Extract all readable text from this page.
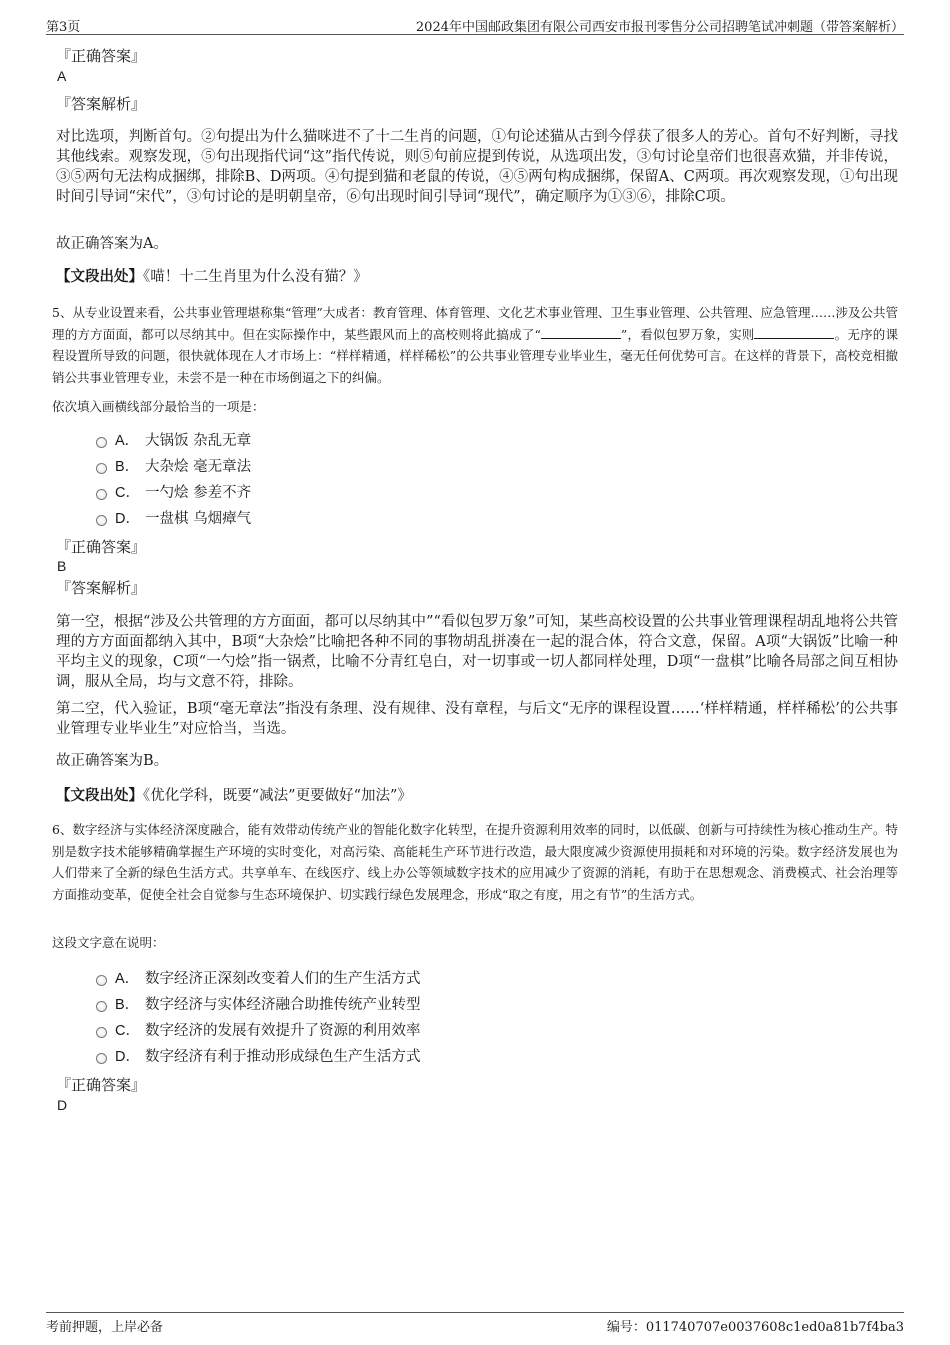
第3页	2024年中国邮政集团有限公司西安市报刊零售分公司招聘笔试冲刺题（带答案解析）
『正确答案』
A
『答案解析』
对比选项，判断首句。②句提出为什么猫咪进不了十二生肖的问题，①句论述猫从古到今俘获了很多人的芳心。首句不好判断，寻找其他线索。观察发现，⑤句出现指代词“这”指代传说，则⑤句前应提到传说，从选项出发，③句讨论皇帝们也很喜欢猫，并非传说，③⑤两句无法构成捆绑，排除B、D两项。④句提到猫和老鼠的传说，④⑤两句构成捆绑，保留A、C两项。再次观察发现，①句出现时间引导词“宋代”，③句讨论的是明朝皇帝，⑥句出现时间引导词“现代”，确定顺序为①③⑥，排除C项。
故正确答案为A。
【文段出处】《喵！十二生肖里为什么没有猫？》
5、从专业设置来看，公共事业管理堪称集“管理”大成者：教育管理、体育管理、文化艺术事业管理、卫生事业管理、公共管理、应急管理……涉及公共管理的方方面面，都可以尽纳其中。但在实际操作中，某些跟风而上的高校则将此搞成了“	”，看似包罗万象，实则	。无序的课程设置所导致的问题，很快就体现在人才市场上：“样样精通，样样稀松”的公共事业管理专业毕业生，毫无任何优势可言。在这样的背景下，高校竞相撤销公共事业管理专业，未尝不是一种在市场倒逼之下的纠偏。
依次填入画横线部分最恰当的一项是：
A． 大锅饭 杂乱无章
B． 大杂烩 毫无章法
C． 一勺烩 参差不齐
D． 一盘棋 乌烟瘴气
『正确答案』
B
『答案解析』
第一空，根据“涉及公共管理的方方面面，都可以尽纳其中”“看似包罗万象”可知，某些高校设置的公共事业管理课程胡乱地将公共管理的方方面面都纳入其中，B项“大杂烩”比喻把各种不同的事物胡乱拼凑在一起的混合体，符合文意，保留。A项“大锅饭”比喻一种平均主义的现象，C项“一勺烩”指一锅煮，比喻不分青红皂白，对一切事或一切人都同样处理，D项“一盘棋”比喻各局部之间互相协调，服从全局，均与文意不符，排除。
第二空，代入验证，B项“毫无章法”指没有条理、没有规律、没有章程，与后文“无序的课程设置……‘样样精通，样样稀松’的公共事业管理专业毕业生”对应恰当，当选。
故正确答案为B。
【文段出处】《优化学科，既要“减法”更要做好“加法”》
6、数字经济与实体经济深度融合，能有效带动传统产业的智能化数字化转型，在提升资源利用效率的同时，以低碳、创新与可持续性为核心推动生产。特别是数字技术能够精确掌握生产环境的实时变化，对高污染、高能耗生产环节进行改造，最大限度减少资源使用损耗和对环境的污染。数字经济发展也为人们带来了全新的绿色生活方式。共享单车、在线医疗、线上办公等领域数字技术的应用减少了资源的消耗，有助于在思想观念、消费模式、社会治理等方面推动变革，促使全社会自觉参与生态环境保护、切实践行绿色发展理念，形成“取之有度，用之有节”的生活方式。
这段文字意在说明：
A． 数字经济正深刻改变着人们的生产生活方式
B． 数字经济与实体经济融合助推传统产业转型
C． 数字经济的发展有效提升了资源的利用效率
D． 数字经济有利于推动形成绿色生产生活方式
『正确答案』
D
考前押题，上岸必备	编号：011740707e0037608c1ed0a81b7f4ba3
